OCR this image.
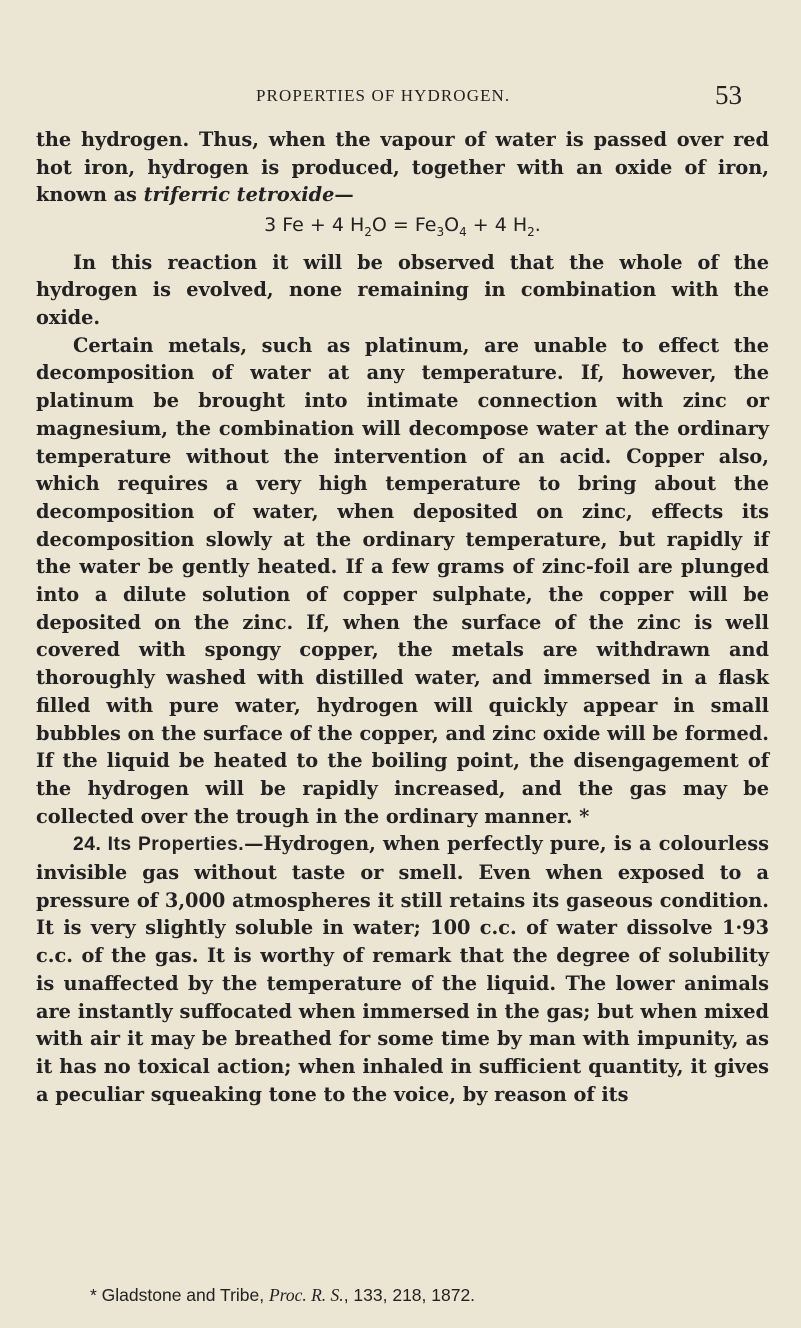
PROPERTIES OF HYDROGEN.	53

the hydrogen. Thus, when the vapour of water is passed over red hot iron, hydrogen is produced, together with an oxide of iron, known as triferric tetroxide—

3 Fe + 4 $H_2O = Fe_3O_4 + 4$ $H_2$.

In this reaction it will be observed that the whole of the hydrogen is evolved, none remaining in combination with the oxide.

Certain metals, such as platinum, are unable to effect the decomposition of water at any temperature. If, however, the platinum be brought into intimate connection with zinc or magnesium, the combination will decompose water at the ordinary temperature without the intervention of an acid. Copper also, which requires a very high temperature to bring about the decomposition of water, when deposited on zinc, effects its decomposition slowly at the ordinary temperature, but rapidly if the water be gently heated. If a few grams of zinc-foil are plunged into a dilute solution of copper sulphate, the copper will be deposited on the zinc. If, when the surface of the zinc is well covered with spongy copper, the metals are withdrawn and thoroughly washed with distilled water, and immersed in a flask filled with pure water, hydrogen will quickly appear in small bubbles on the surface of the copper, and zinc oxide will be formed. If the liquid be heated to the boiling point, the disengagement of the hydrogen will be rapidly increased, and the gas may be collected over the trough in the ordinary manner. *

24. Its Properties.—Hydrogen, when perfectly pure, is a colourless invisible gas without taste or smell. Even when exposed to a pressure of 3,000 atmospheres it still retains its gaseous condition. It is very slightly soluble in water; 100 c.c. of water dissolve 1·93 c.c. of the gas. It is worthy of remark that the degree of solubility is unaffected by the temperature of the liquid. The lower animals are instantly suffocated when immersed in the gas; but when mixed with air it may be breathed for some time by man with impunity, as it has no toxical action; when inhaled in sufficient quantity, it gives a peculiar squeaking tone to the voice, by reason of its

* Gladstone and Tribe, Proc. R. S., 133, 218, 1872.
